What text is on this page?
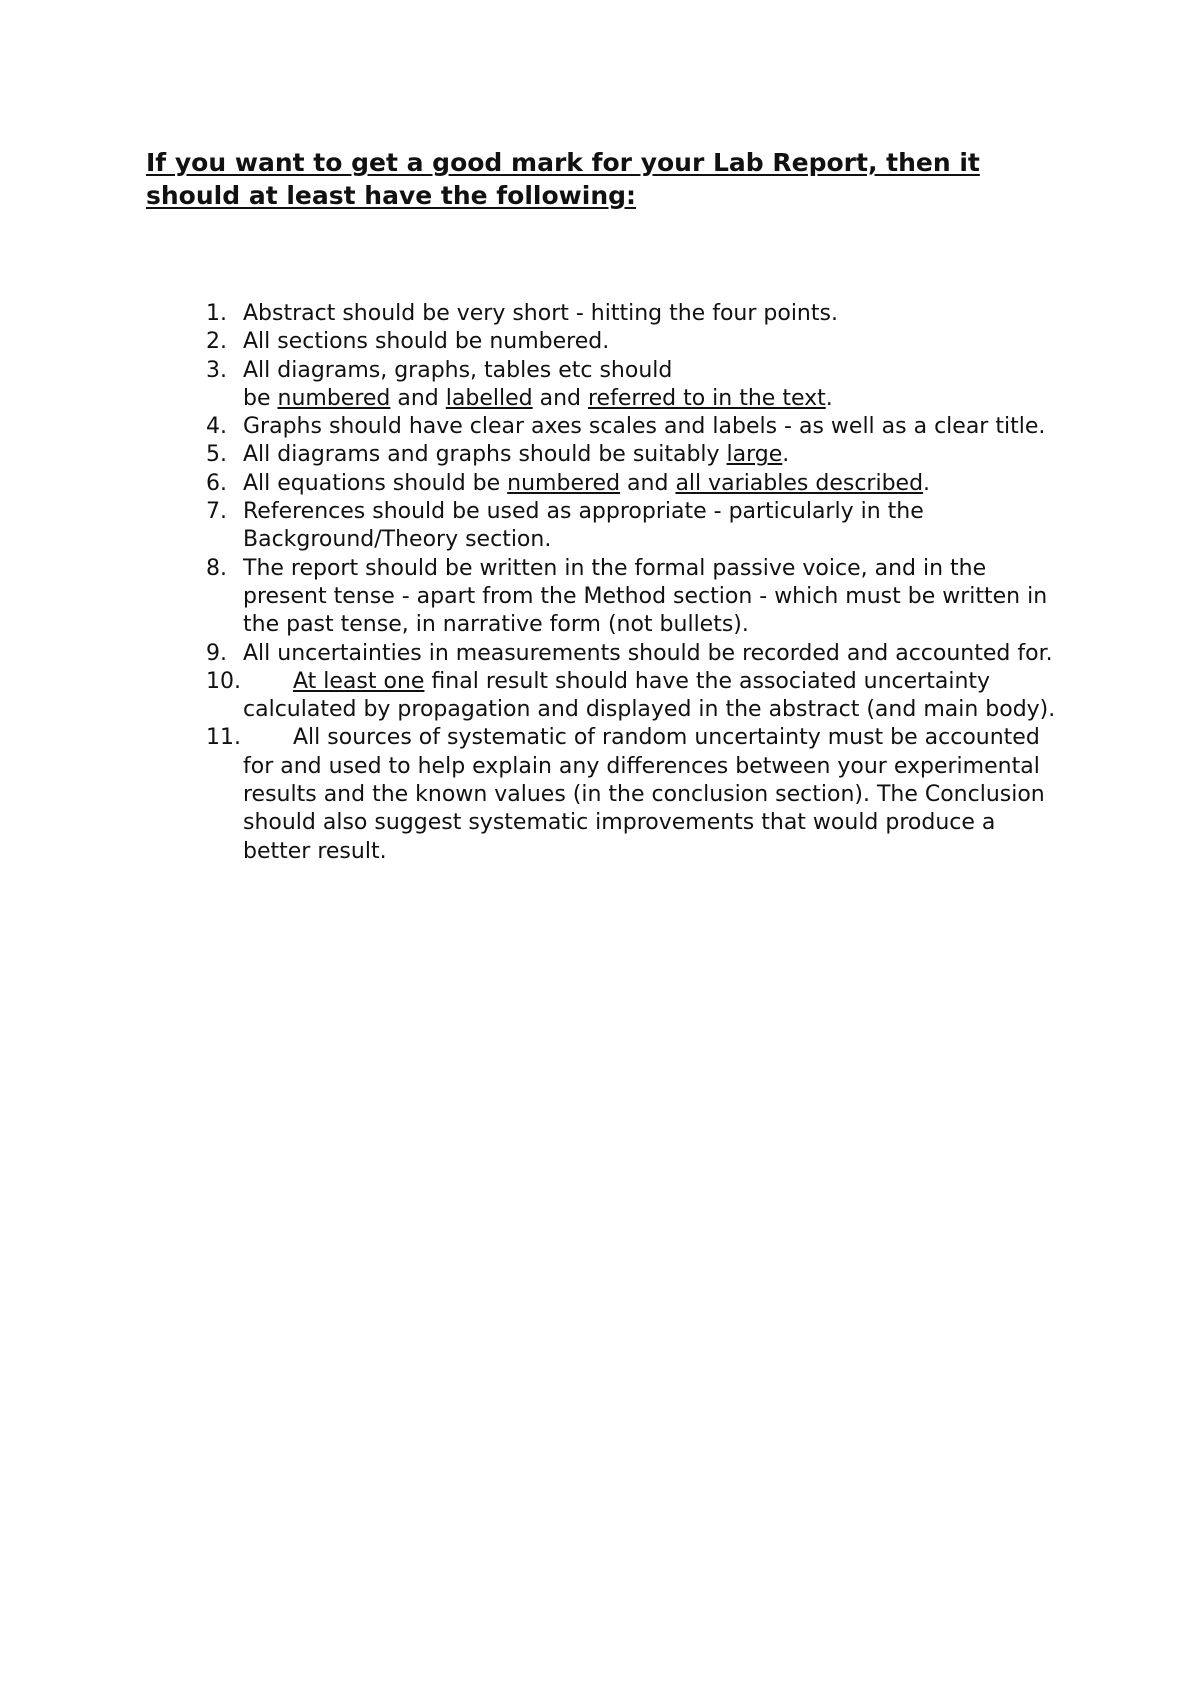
If you want to get a good mark for your Lab Report, then it should at least have the following:
1. Abstract should be very short - hitting the four points.
2. All sections should be numbered.
3. All diagrams, graphs, tables etc should
be numbered and labelled and referred to in the text.
4. Graphs should have clear axes scales and labels - as well as a clear title.
5. All diagrams and graphs should be suitably large.
6. All equations should be numbered and all variables described.
7. References should be used as appropriate - particularly in the Background/Theory section.
8. The report should be written in the formal passive voice, and in the present tense - apart from the Method section - which must be written in the past tense, in narrative form (not bullets).
9. All uncertainties in measurements should be recorded and accounted for.
10. At least one final result should have the associated uncertainty calculated by propagation and displayed in the abstract (and main body).
11. All sources of systematic of random uncertainty must be accounted for and used to help explain any differences between your experimental results and the known values (in the conclusion section). The Conclusion should also suggest systematic improvements that would produce a better result.
